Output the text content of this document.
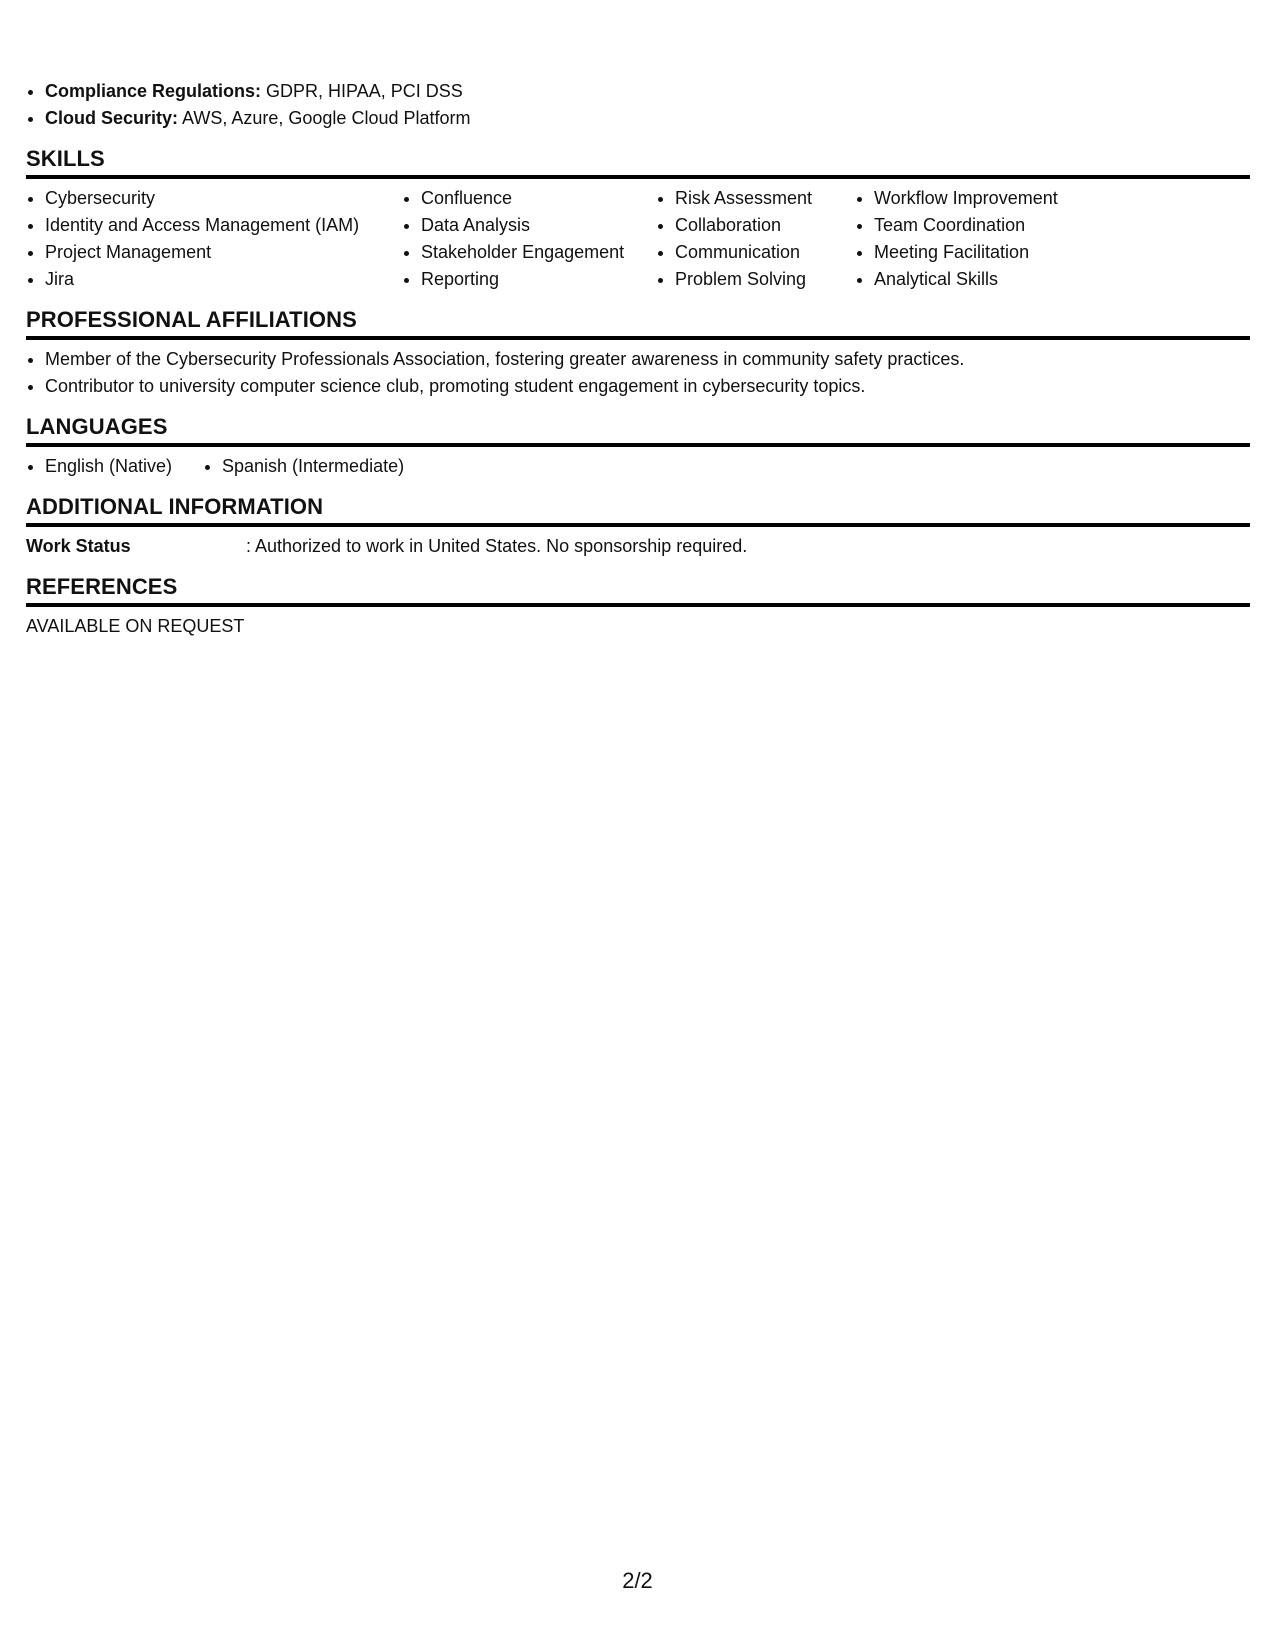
• Compliance Regulations: GDPR, HIPAA, PCI DSS
• Cloud Security: AWS, Azure, Google Cloud Platform
SKILLS
• Cybersecurity
• Identity and Access Management (IAM)
• Project Management
• Jira
• Confluence
• Data Analysis
• Stakeholder Engagement
• Reporting
• Risk Assessment
• Collaboration
• Communication
• Problem Solving
• Workflow Improvement
• Team Coordination
• Meeting Facilitation
• Analytical Skills
PROFESSIONAL AFFILIATIONS
• Member of the Cybersecurity Professionals Association, fostering greater awareness in community safety practices.
• Contributor to university computer science club, promoting student engagement in cybersecurity topics.
LANGUAGES
• English (Native)
•	Spanish (Intermediate)
ADDITIONAL INFORMATION
Work Status	: Authorized to work in United States. No sponsorship required.
REFERENCES
AVAILABLE ON REQUEST
2/2
